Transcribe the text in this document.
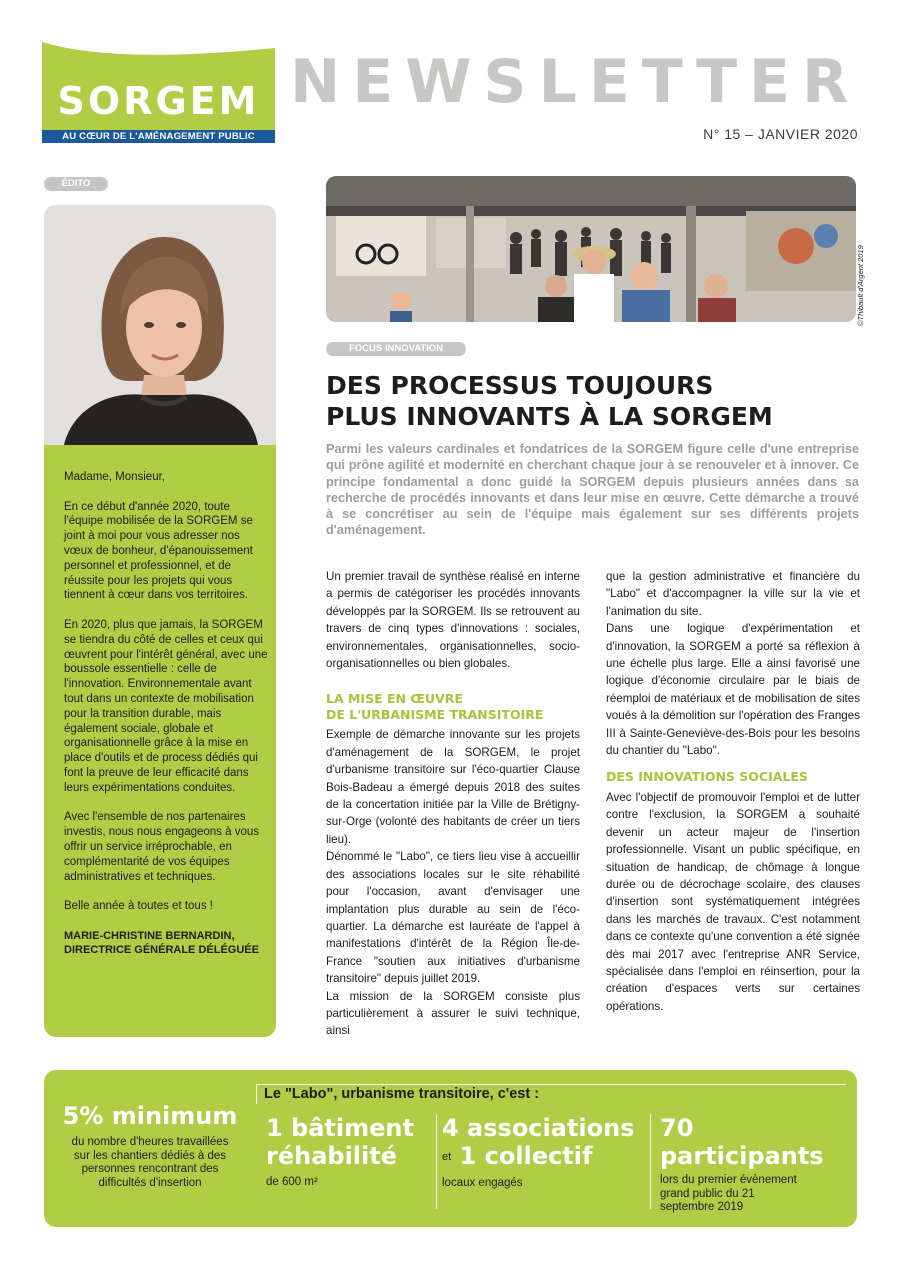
SORGEM
AU CŒUR DE L'AMÉNAGEMENT PUBLIC
NEWSLETTER
N° 15 – JANVIER 2020
ÉDITO

Madame, Monsieur,

En ce début d'année 2020, toute l'équipe mobilisée de la SORGEM se joint à moi pour vous adresser nos vœux de bonheur, d'épanouissement personnel et professionnel, et de réussite pour les projets qui vous tiennent à cœur dans vos territoires.

En 2020, plus que jamais, la SORGEM se tiendra du côté de celles et ceux qui œuvrent pour l'intérêt général, avec une boussole essentielle : celle de l'innovation. Environnementale avant tout dans un contexte de mobilisation pour la transition durable, mais également sociale, globale et organisationnelle grâce à la mise en place d'outils et de process dédiés qui font la preuve de leur efficacité dans leurs expérimentations conduites.

Avec l'ensemble de nos partenaires investis, nous nous engageons à vous offrir un service irréprochable, en complémentarité de vos équipes administratives et techniques.

Belle année à toutes et tous !

MARIE-CHRISTINE BERNARDIN,
DIRECTRICE GÉNÉRALE DÉLÉGUÉE
©Thibault d'Argent 2019
FOCUS INNOVATION
DES PROCESSUS TOUJOURS
PLUS INNOVANTS À LA SORGEM
Parmi les valeurs cardinales et fondatrices de la SORGEM figure celle d'une entreprise qui prône agilité et modernité en cherchant chaque jour à se renouveler et à innover. Ce principe fondamental a donc guidé la SORGEM depuis plusieurs années dans sa recherche de procédés innovants et dans leur mise en œuvre. Cette démarche a trouvé à se concrétiser au sein de l'équipe mais également sur ses différents projets d'aménagement.

Un premier travail de synthèse réalisé en interne a permis de catégoriser les procédés innovants développés par la SORGEM. Ils se retrouvent au travers de cinq types d'innovations : sociales, environnementales, organisationnelles, socio-organisationnelles ou bien globales.

LA MISE EN ŒUVRE
DE L'URBANISME TRANSITOIRE

Exemple de démarche innovante sur les projets d'aménagement de la SORGEM, le projet d'urbanisme transitoire sur l'éco-quartier Clause Bois-Badeau a émergé depuis 2018 des suites de la concertation initiée par la Ville de Brétigny-sur-Orge (volonté des habitants de créer un tiers lieu).

Dénommé le "Labo", ce tiers lieu vise à accueillir des associations locales sur le site réhabilité pour l'occasion, avant d'envisager une implantation plus durable au sein de l'éco-quartier. La démarche est lauréate de l'appel à manifestations d'intérêt de la Région Île-de-France "soutien aux initiatives d'urbanisme transitoire" depuis juillet 2019.

La mission de la SORGEM consiste plus particulièrement à assurer le suivi technique, ainsi

que la gestion administrative et financière du "Labo" et d'accompagner la ville sur la vie et l'animation du site.

Dans une logique d'expérimentation et d'innovation, la SORGEM a porté sa réflexion à une échelle plus large. Elle a ainsi favorisé une logique d'économie circulaire par le biais de réemploi de matériaux et de mobilisation de sites voués à la démolition sur l'opération des Franges III à Sainte-Geneviève-des-Bois pour les besoins du chantier du "Labo".

DES INNOVATIONS SOCIALES

Avec l'objectif de promouvoir l'emploi et de lutter contre l'exclusion, la SORGEM a souhaité devenir un acteur majeur de l'insertion professionnelle. Visant un public spécifique, en situation de handicap, de chômage à longue durée ou de décrochage scolaire, des clauses d'insertion sont systématiquement intégrées dans les marchés de travaux. C'est notamment dans ce contexte qu'une convention a été signée dès mai 2017 avec l'entreprise ANR Service, spécialisée dans l'emploi en réinsertion, pour la création d'espaces verts sur certaines opérations.

Le "Labo", urbanisme transitoire, c'est :
5% minimum
du nombre d'heures travaillées sur les chantiers dédiés à des personnes rencontrant des difficultés d'insertion
1 bâtiment
réhabilité
de 600 m²
4 associations
et 1 collectif
locaux engagés
70
participants
lors du premier évènement grand public du 21 septembre 2019
